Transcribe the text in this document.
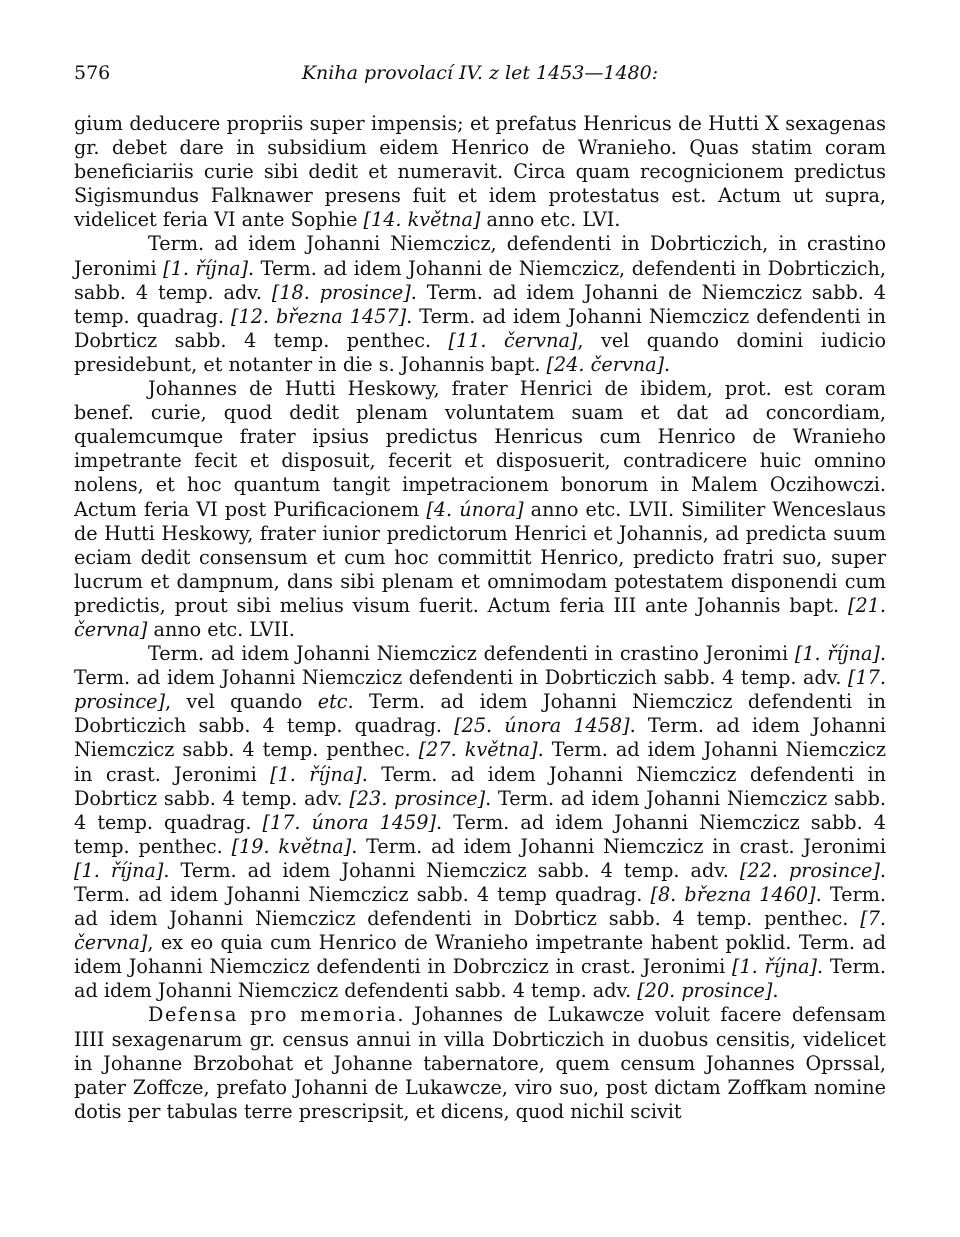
576	Kniha provolací IV. z let 1453—1480:

gium deducere propriis super impensis; et prefatus Henricus de Hutti X sexagenas gr. debet dare in subsidium eidem Henrico de Wranieho. Quas statim coram beneficiariis curie sibi dedit et numeravit. Circa quam recognicionem predictus Sigismundus Falknawer presens fuit et idem protestatus est. Actum ut supra, videlicet feria VI ante Sophie [14. května] anno etc. LVI.

Term. ad idem Johanni Niemczicz, defendenti in Dobrticzich, in crastino Jeronimi [1. října]. Term. ad idem Johanni de Niemczicz, defendenti in Dobrticzich, sabb. 4 temp. adv. [18. prosince]. Term. ad idem Johanni de Niemczicz sabb. 4 temp. quadrag. [12. března 1457]. Term. ad idem Johanni Niemczicz defendenti in Dobrticz sabb. 4 temp. penthec. [11. června], vel quando domini iudicio presidebunt, et notanter in die s. Johannis bapt. [24. června].

Johannes de Hutti Heskowy, frater Henrici de ibidem, prot. est coram benef. curie, quod dedit plenam voluntatem suam et dat ad concordiam, qualemcumque frater ipsius predictus Henricus cum Henrico de Wranieho impetrante fecit et disposuit, fecerit et disposuerit, contradicere huic omnino nolens, et hoc quantum tangit impetracionem bonorum in Malem Oczihowczi. Actum feria VI post Purificacionem [4. února] anno etc. LVII. Similiter Wenceslaus de Hutti Heskowy, frater iunior predictorum Henrici et Johannis, ad predicta suum eciam dedit consensum et cum hoc committit Henrico, predicto fratri suo, super lucrum et dampnum, dans sibi plenam et omnimodam potestatem disponendi cum predictis, prout sibi melius visum fuerit. Actum feria III ante Johannis bapt. [21. června] anno etc. LVII.

Term. ad idem Johanni Niemczicz defendenti in crastino Jeronimi [1. října]. Term. ad idem Johanni Niemczicz defendenti in Dobrticzich sabb. 4 temp. adv. [17. prosince], vel quando etc. Term. ad idem Johanni Niemczicz defendenti in Dobrticzich sabb. 4 temp. quadrag. [25. února 1458]. Term. ad idem Johanni Niemczicz sabb. 4 temp. penthec. [27. května]. Term. ad idem Johanni Niemczicz in crast. Jeronimi [1. října]. Term. ad idem Johanni Niemczicz defendenti in Dobrticz sabb. 4 temp. adv. [23. prosince]. Term. ad idem Johanni Niemczicz sabb. 4 temp. quadrag. [17. února 1459]. Term. ad idem Johanni Niemczicz sabb. 4 temp. penthec. [19. května]. Term. ad idem Johanni Niemczicz in crast. Jeronimi [1. října]. Term. ad idem Johanni Niemczicz sabb. 4 temp. adv. [22. prosince]. Term. ad idem Johanni Niemczicz sabb. 4 temp quadrag. [8. března 1460]. Term. ad idem Johanni Niemczicz defendenti in Dobrticz sabb. 4 temp. penthec. [7. června], ex eo quia cum Henrico de Wranieho impetrante habent poklid. Term. ad idem Johanni Niemczicz defendenti in Dobrczicz in crast. Jeronimi [1. října]. Term. ad idem Johanni Niemczicz defendenti sabb. 4 temp. adv. [20. prosince].

Defensa pro memoria. Johannes de Lukawcze voluit facere defensam IIII sexagenarum gr. census annui in villa Dobrticzich in duobus censitis, videlicet in Johanne Brzobohat et Johanne tabernatore, quem censum Johannes Oprssal, pater Zoffcze, prefato Johanni de Lukawcze, viro suo, post dictam Zoffkam nomine dotis per tabulas terre prescripsit, et dicens, quod nichil scivit
